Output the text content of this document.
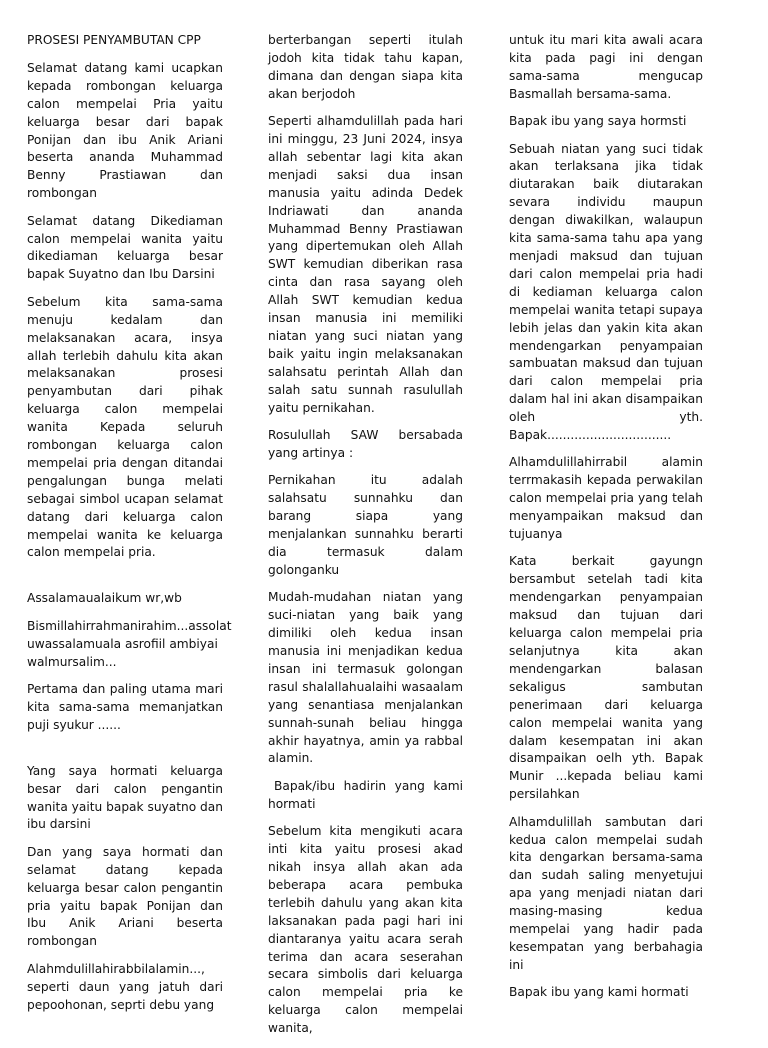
PROSESI PENYAMBUTAN CPP

Selamat datang kami ucapkan kepada rombongan keluarga calon mempelai Pria yaitu keluarga besar dari bapak Ponijan dan ibu Anik Ariani beserta ananda Muhammad Benny Prastiawan dan rombongan

Selamat datang Dikediaman calon mempelai wanita yaitu dikediaman keluarga besar bapak Suyatno dan Ibu Darsini

Sebelum kita sama-sama menuju kedalam dan melaksanakan acara, insya allah terlebih dahulu kita akan melaksanakan prosesi penyambutan dari pihak keluarga calon mempelai wanita Kepada seluruh rombongan keluarga calon mempelai pria dengan ditandai pengalungan bunga melati sebagai simbol ucapan selamat datang dari keluarga calon mempelai wanita ke keluarga calon mempelai pria.

Assalamaualaikum wr,wb

Bismillahirrahmanirahim...assolat uwassalamuala asrofiil ambiyai walmursalim...

Pertama dan paling utama mari kita sama-sama memanjatkan puji syukur ......

Yang saya hormati keluarga besar dari calon pengantin wanita yaitu bapak suyatno dan ibu darsini

Dan yang saya hormati dan selamat datang kepada keluarga besar calon pengantin pria yaitu bapak Ponijan dan Ibu Anik Ariani beserta rombongan

Alahmdulillahirabbilalamin..., seperti daun yang jatuh dari pepoohonan, seprti debu yang

berterbangan seperti itulah jodoh kita tidak tahu kapan, dimana dan dengan siapa kita akan berjodoh

Seperti alhamdulillah pada hari ini minggu, 23 Juni 2024, insya allah sebentar lagi kita akan menjadi saksi dua insan manusia yaitu adinda Dedek Indriawati dan ananda Muhammad Benny Prastiawan yang dipertemukan oleh Allah SWT kemudian diberikan rasa cinta dan rasa sayang oleh Allah SWT kemudian kedua insan manusia ini memiliki niatan yang suci niatan yang baik yaitu ingin melaksanakan salahsatu perintah Allah dan salah satu sunnah rasulullah yaitu pernikahan.

Rosulullah SAW bersabada yang artinya :

Pernikahan itu adalah salahsatu sunnahku dan barang siapa yang menjalankan sunnahku berarti dia termasuk dalam golonganku

Mudah-mudahan niatan yang suci-niatan yang baik yang dimiliki oleh kedua insan manusia ini menjadikan kedua insan ini termasuk golongan rasul shalallahualaihi wasaalam yang senantiasa menjalankan sunnah-sunah beliau hingga akhir hayatnya, amin ya rabbal alamin.

Bapak/ibu hadirin yang kami hormati

Sebelum kita mengikuti acara inti kita yaitu prosesi akad nikah insya allah akan ada beberapa acara pembuka terlebih dahulu yang akan kita laksanakan pada pagi hari ini diantaranya yaitu acara serah terima dan acara seserahan secara simbolis dari keluarga calon mempelai pria ke keluarga calon mempelai wanita,

untuk itu mari kita awali acara kita pada pagi ini dengan sama-sama mengucap Basmallah bersama-sama.

Bapak ibu yang saya hormsti

Sebuah niatan yang suci tidak akan terlaksana jika tidak diutarakan baik diutarakan sevara individu maupun dengan diwakilkan, walaupun kita sama-sama tahu apa yang menjadi maksud dan tujuan dari calon mempelai pria hadi di kediaman keluarga calon mempelai wanita tetapi supaya lebih jelas dan yakin kita akan mendengarkan penyampaian sambuatan maksud dan tujuan dari calon mempelai pria dalam hal ini akan disampaikan oleh yth. Bapak................................

Alhamdulillahirrabil alamin terrmakasih kepada perwakilan calon mempelai pria yang telah menyampaikan maksud dan tujuanya

Kata berkait gayungn bersambut setelah tadi kita mendengarkan penyampaian maksud dan tujuan dari keluarga calon mempelai pria selanjutnya kita akan mendengarkan balasan sekaligus sambutan penerimaan dari keluarga calon mempelai wanita yang dalam kesempatan ini akan disampaikan oelh yth. Bapak Munir ...kepada beliau kami persilahkan

Alhamdulillah sambutan dari kedua calon mempelai sudah kita dengarkan bersama-sama dan sudah saling menyetujui apa yang menjadi niatan dari masing-masing kedua mempelai yang hadir pada kesempatan yang berbahagia ini

Bapak ibu yang kami hormati
